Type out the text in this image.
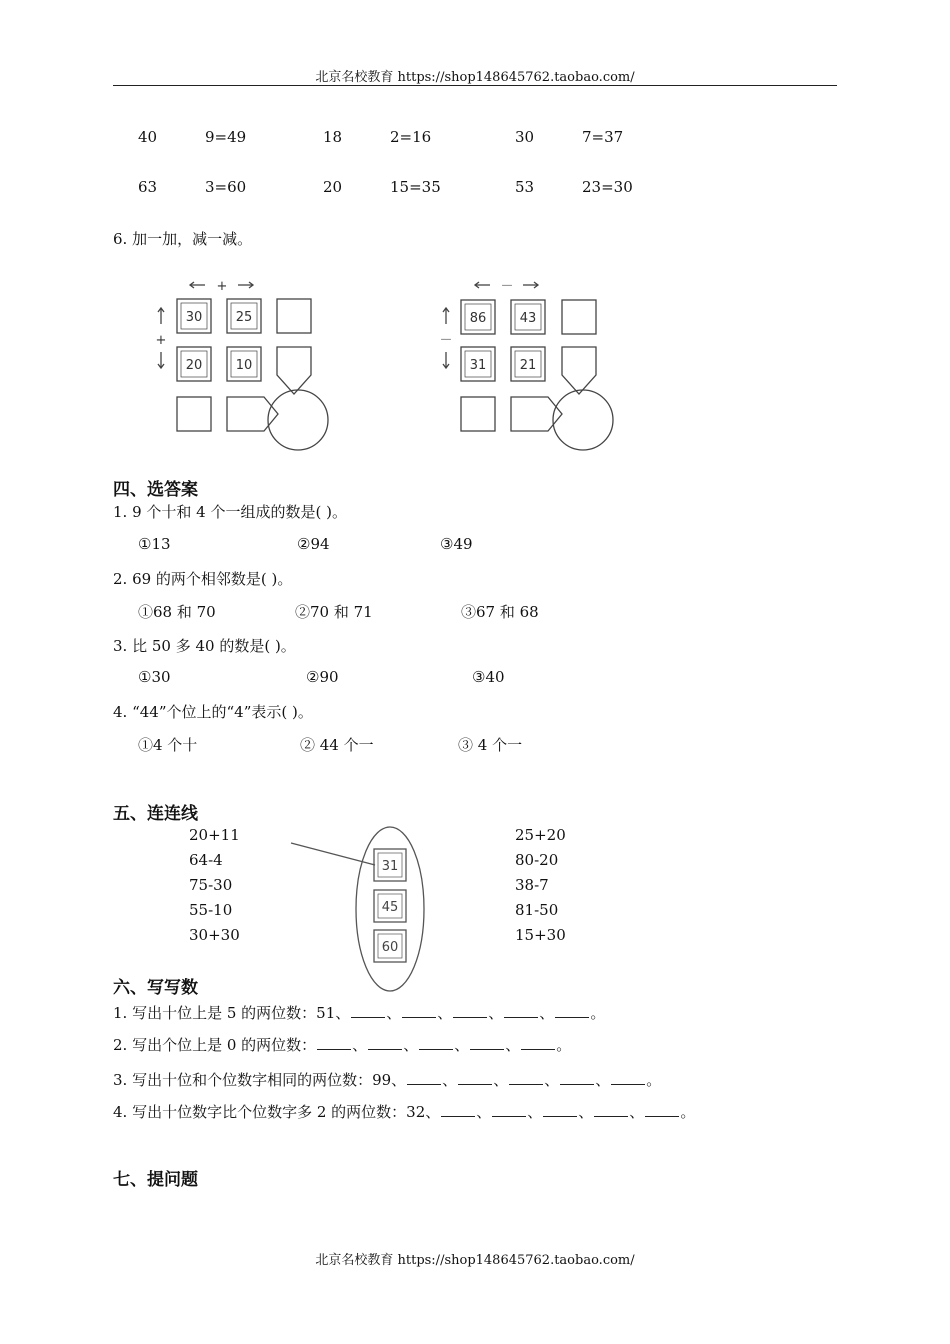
北京名校教育 https://shop148645762.taobao.com/
40	9=49	18	2=16	30	7=37
63	3=60	20	15=35	53	23=30
6. 加一加，减一减。
+
+
30	25
20	10
－
－
86	43
31	21
四、选答案
1. 9 个十和 4 个一组成的数是( )。
①13	②94	③49
2. 69 的两个相邻数是( )。
①68 和 70	②70 和 71	③67 和 68
3. 比 50 多 40 的数是( )。
①30	②90	③40
4. “44”个位上的“4”表示( )。
①4 个十	② 44 个一	③ 4 个一
五、连连线
20+11
64-4
75-30
55-10
30+30
31
45
60
25+20
80-20
38-7
81-50
15+30
六、写写数
1. 写出十位上是 5 的两位数：51、 、 、 、 、 。
2. 写出个位上是 0 的两位数： 、 、 、 、 。
3. 写出十位和个位数字相同的两位数：99、 、 、 、 、 。
4. 写出十位数字比个位数字多 2 的两位数：32、 、 、 、 、 。
七、提问题
北京名校教育 https://shop148645762.taobao.com/
